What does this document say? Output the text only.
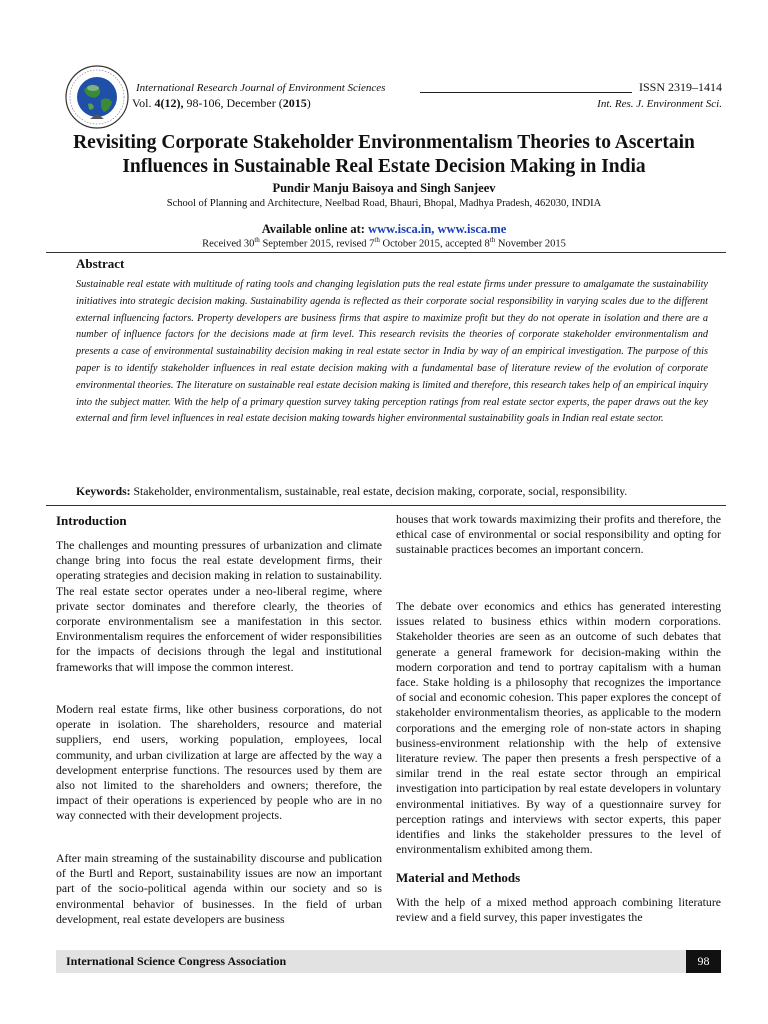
International Research Journal of Environment Sciences	ISSN 2319–1414
Vol. 4(12), 98-106, December (2015)	Int. Res. J. Environment Sci.
Revisiting Corporate Stakeholder Environmentalism Theories to Ascertain
Influences in Sustainable Real Estate Decision Making in India
Pundir Manju Baisoya and Singh Sanjeev
School of Planning and Architecture, Neelbad Road, Bhauri, Bhopal, Madhya Pradesh, 462030, INDIA
Available online at: www.isca.in, www.isca.me
Received 30th September 2015, revised 7th October 2015, accepted 8th November 2015
Abstract
Sustainable real estate with multitude of rating tools and changing legislation puts the real estate firms under pressure to amalgamate the sustainability initiatives into strategic decision making. Sustainability agenda is reflected as their corporate social responsibility in varying scales due to the different external influencing factors. Property developers are business firms that aspire to maximize profit but they do not operate in isolation and there are a number of influence factors for the decisions made at firm level. This research revisits the theories of corporate stakeholder environmentalism and presents a case of environmental sustainability decision making in real estate sector in India by way of an empirical investigation. The purpose of this paper is to identify stakeholder influences in real estate decision making with a fundamental base of literature review of the evolution of corporate environmental theories. The literature on sustainable real estate decision making is limited and therefore, this research takes help of an empirical inquiry into the subject matter. With the help of a primary question survey taking perception ratings from real estate sector experts, the paper draws out the key external and firm level influences in real estate decision making towards higher environmental sustainability goals in Indian real estate sector.
Keywords: Stakeholder, environmentalism, sustainable, real estate, decision making, corporate, social, responsibility.
Introduction

The challenges and mounting pressures of urbanization and climate change bring into focus the real estate development firms, their operating strategies and decision making in relation to sustainability. The real estate sector operates under a neo-liberal regime, where private sector dominates and therefore clearly, the theories of corporate environmentalism see a manifestation in this sector. Environmentalism requires the enforcement of wider responsibilities for the impacts of decisions through the legal and institutional frameworks that will impose the common interest.

Modern real estate firms, like other business corporations, do not operate in isolation. The shareholders, resource and material suppliers, end users, working population, employees, local community, and urban civilization at large are affected by the way a development enterprise functions. The resources used by them are also not limited to the shareholders and owners; therefore, the impact of their operations is experienced by people who are in no way connected with their development projects.

After main streaming of the sustainability discourse and publication of the Burtl and Report, sustainability issues are now an important part of the socio-political agenda within our society and so is environmental behavior of businesses. In the field of urban development, real estate developers are business

houses that work towards maximizing their profits and therefore, the ethical case of environmental or social responsibility and opting for sustainable practices becomes an important concern.

The debate over economics and ethics has generated interesting issues related to business ethics within modern corporations. Stakeholder theories are seen as an outcome of such debates that generate a general framework for decision-making within the modern corporation and tend to portray capitalism with a human face. Stake holding is a philosophy that recognizes the importance of social and economic cohesion. This paper explores the concept of stakeholder environmentalism theories, as applicable to the modern corporations and the emerging role of non-state actors in shaping business-environment relationship with the help of extensive literature review. The paper then presents a fresh perspective of a similar trend in the real estate sector through an empirical investigation into participation by real estate developers in voluntary environmental initiatives. By way of a questionnaire survey for perception ratings and interviews with sector experts, this paper identifies and links the stakeholder pressures to the level of environmentalism exhibited among them.

Material and Methods

With the help of a mixed method approach combining literature review and a field survey, this paper investigates the

International Science Congress Association	98
